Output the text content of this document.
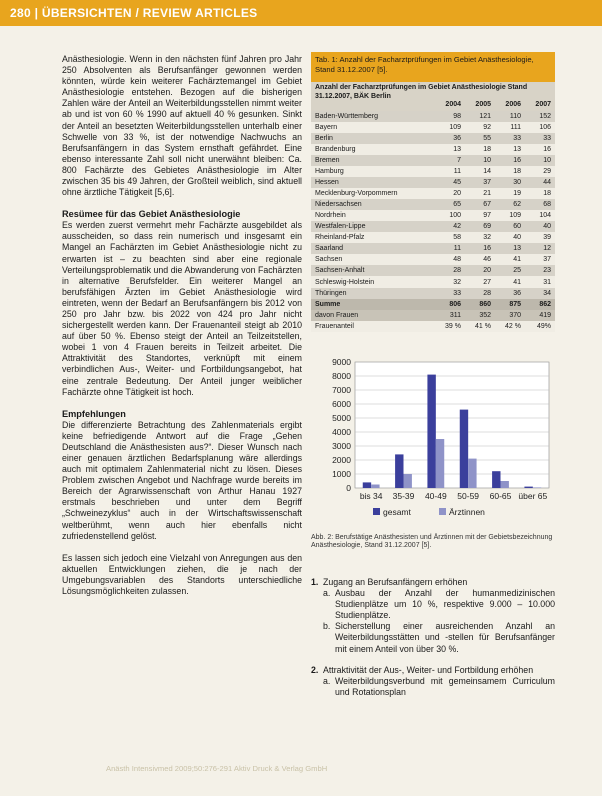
280 | ÜBERSICHTEN / REVIEW ARTICLES

Anästhesiologie. Wenn in den nächsten fünf Jahren pro Jahr 250 Absolventen als Berufsanfänger gewonnen werden könnten, würde kein weiterer Fachärztemangel im Gebiet Anästhesiologie entstehen. Bezogen auf die bisherigen Zahlen wäre der Anteil an Weiterbildungsstellen nimmt weiter ab und ist von 60 % 1990 auf aktuell 40 % gesunken. Sinkt der Anteil an besetzten Weiterbildungsstellen unterhalb einer Schwelle von 33 %, ist der notwendige Nachwuchs an Berufsanfängern in das System ernsthaft gefährdet. Eine ebenso interessante Zahl soll nicht unerwähnt bleiben: Ca. 800 Fachärzte des Gebietes Anästhesiologie im Alter zwischen 35 bis 49 Jahren, der Großteil weiblich, sind aktuell ohne ärztliche Tätigkeit [5,6].

Resümee für das Gebiet Anästhesiologie

Es werden zuerst vermehrt mehr Fachärzte ausgebildet als ausscheiden, so dass rein numerisch und insgesamt ein Mangel an Fachärzten im Gebiet Anästhesiologie nicht zu erwarten ist – zu beachten sind aber eine regionale Verteilungsproblematik und die Abwanderung von Fachärzten in alternative Berufsfelder. Ein weiterer Mangel an berufsfähigen Ärzten im Gebiet Anästhesiologie wird eintreten, wenn der Bedarf an Berufsanfängern bis 2012 von 250 pro Jahr bzw. bis 2022 von 424 pro Jahr nicht sichergestellt werden kann. Der Frauenanteil steigt ab 2010 auf über 50 %. Ebenso steigt der Anteil an Teilzeitstellen, wobei 1 von 4 Frauen bereits in Teilzeit arbeitet. Die Attraktivität des Standortes, verknüpft mit einem verbindlichen Aus-, Weiter- und Fortbildungsangebot, hat eine zentrale Bedeutung. Der Anteil junger weiblicher Fachärzte ohne Tätigkeit ist hoch.

Empfehlungen

Die differenzierte Betrachtung des Zahlenmaterials ergibt keine befriedigende Antwort auf die Frage „Gehen Deutschland die Anästhesisten aus?“. Dieser Wunsch nach einer genauen ärztlichen Bedarfsplanung wäre allerdings auch mit optimalem Zahlenmaterial nicht zu lösen. Dieses Problem zwischen Angebot und Nachfrage wurde bereits im Bereich der Agrarwissenschaft von Arthur Hanau 1927 erstmals beschrieben und unter dem Begriff „Schweinezyklus“ auch in der Wirtschaftswissenschaft weltberühmt, wenn auch hier ebenfalls nicht zufriedenstellend gelöst.

Es lassen sich jedoch eine Vielzahl von Anregungen aus den aktuellen Entwicklungen ziehen, die je nach der Umgebungsvariablen des Standorts unterschiedliche Lösungsmöglichkeiten zulassen.

Tab. 1: Anzahl der Facharztprüfungen im Gebiet Anästhesiologie, Stand 31.12.2007 [5].
Anzahl der Facharztprüfungen im Gebiet Anästhesiologie Stand 31.12.2007, BÄK Berlin
2004	2005	2006	2007
Baden-Württemberg	98	121	110	152
Bayern	109	92	111	106
Berlin	36	55	33	33
Brandenburg	13	18	13	16
Bremen	7	10	16	10
Hamburg	11	14	18	29
Hessen	45	37	30	44
Mecklenburg-Vorpommern	20	21	19	18
Niedersachsen	65	67	62	68
Nordrhein	100	97	109	104
Westfalen-Lippe	42	69	60	40
Rheinland-Pfalz	58	32	40	39
Saarland	11	16	13	12
Sachsen	48	46	41	37
Sachsen-Anhalt	28	20	25	23
Schleswig-Holstein	32	27	41	31
Thüringen	33	28	36	34
Summe	806	860	875	862
davon Frauen	311	352	370	419
Frauenanteil	39 %	41 %	42 %	49%
0
1000
2000
3000
4000
5000
6000
7000
8000
9000
bis 34 35-39 40-49 50-59 60-65 über 65
gesamt	Ärztinnen
Abb. 2: Berufstätige Anästhesisten und Ärztinnen mit der Gebietsbezeichnung Anästhesiologie, Stand 31.12.2007 [5].
1. Zugang an Berufsanfängern erhöhen
a. Ausbau der Anzahl der humanmedizinischen Studienplätze um 10 %, respektive 9.000 – 10.000 Studienplätze.
b. Sicherstellung einer ausreichenden Anzahl an Weiterbildungsstätten und -stellen für Berufsanfänger mit einem Anteil von über 30 %.
2. Attraktivität der Aus-, Weiter- und Fortbildung erhöhen
a. Weiterbildungsverbund mit gemeinsamem Curriculum und Rotationsplan
Anästh Intensivmed 2009;50:276-291 Aktiv Druck & Verlag GmbH
